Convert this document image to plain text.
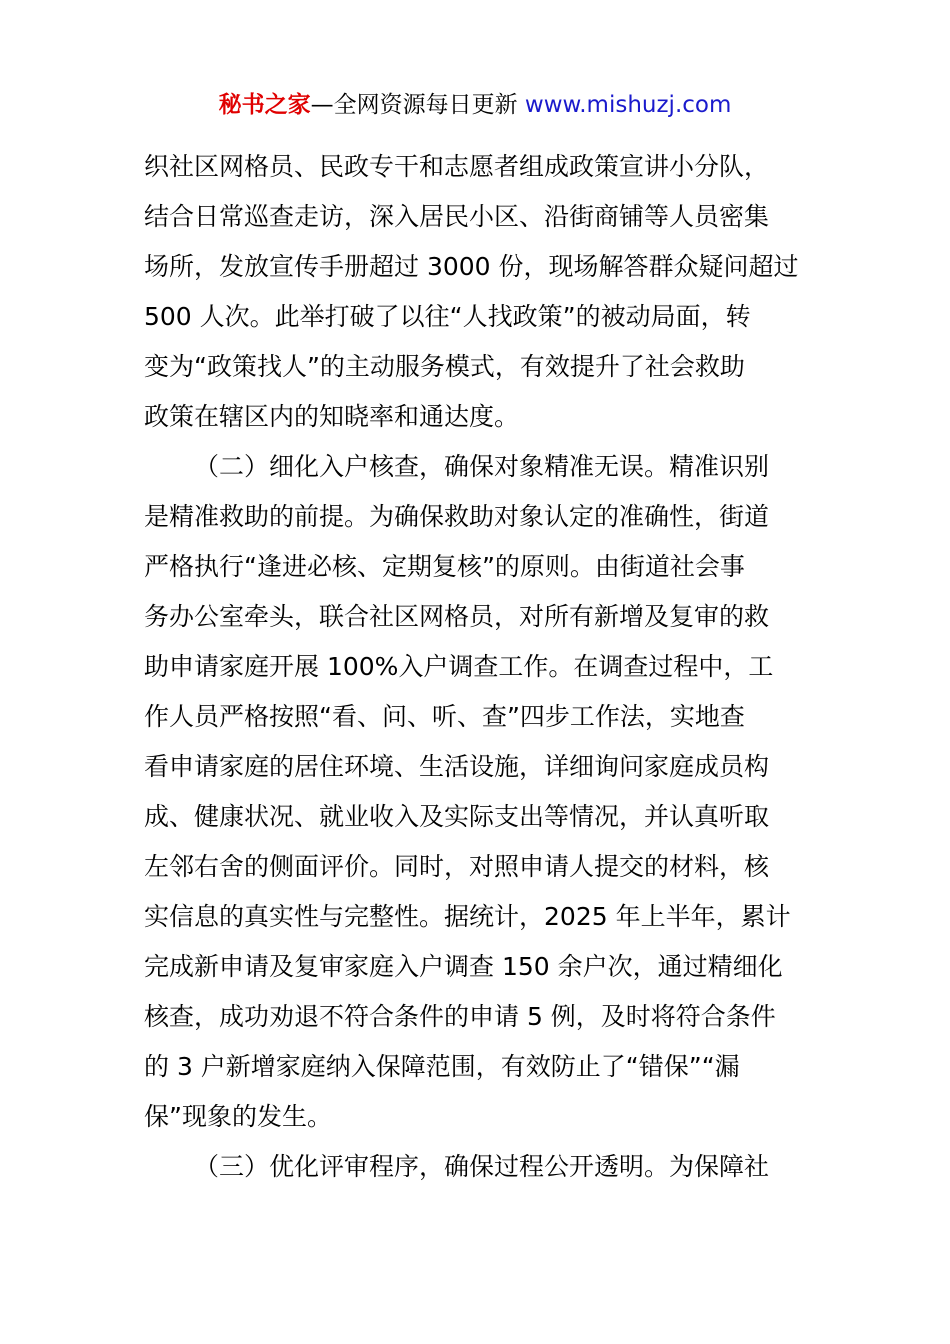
秘书之家—全网资源每日更新 www.mishuzj.com
织社区网格员、民政专干和志愿者组成政策宣讲小分队，
结合日常巡查走访，深入居民小区、沿街商铺等人员密集
场所，发放宣传手册超过 3000 份，现场解答群众疑问超过
500 人次。此举打破了以往“人找政策”的被动局面，转
变为“政策找人”的主动服务模式，有效提升了社会救助
政策在辖区内的知晓率和通达度。
（二）细化入户核查，确保对象精准无误。精准识别
是精准救助的前提。为确保救助对象认定的准确性，街道
严格执行“逢进必核、定期复核”的原则。由街道社会事
务办公室牵头，联合社区网格员，对所有新增及复审的救
助申请家庭开展 100%入户调查工作。在调查过程中，工
作人员严格按照“看、问、听、查”四步工作法，实地查
看申请家庭的居住环境、生活设施，详细询问家庭成员构
成、健康状况、就业收入及实际支出等情况，并认真听取
左邻右舍的侧面评价。同时，对照申请人提交的材料，核
实信息的真实性与完整性。据统计，2025 年上半年，累计
完成新申请及复审家庭入户调查 150 余户次，通过精细化
核查，成功劝退不符合条件的申请 5 例，及时将符合条件
的 3 户新增家庭纳入保障范围，有效防止了“错保”“漏
保”现象的发生。
（三）优化评审程序，确保过程公开透明。为保障社
